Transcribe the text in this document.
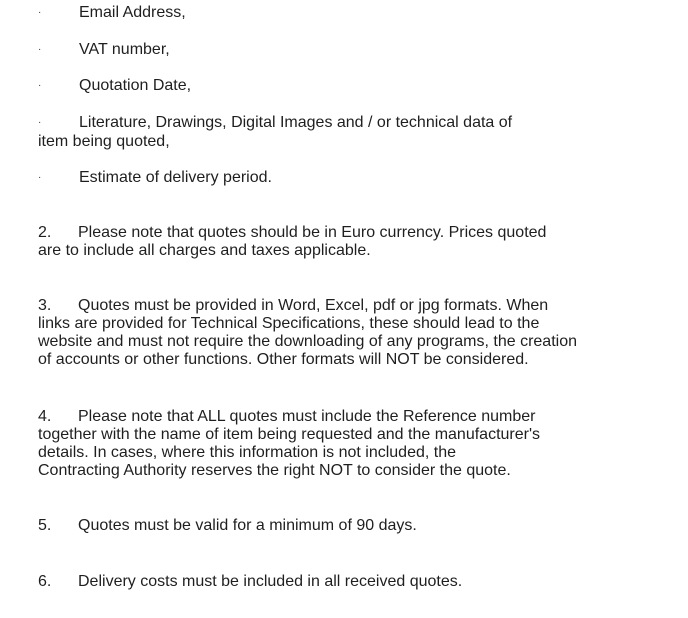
·	Email Address,
·	VAT number,
·	Quotation Date,
·	Literature, Drawings, Digital Images and / or technical data of
item being quoted,
·	Estimate of delivery period.
2. Please note that quotes should be in Euro currency. Prices quoted
are to include all charges and taxes applicable.
3. Quotes must be provided in Word, Excel, pdf or jpg formats. When
links are provided for Technical Specifications, these should lead to the
website and must not require the downloading of any programs, the creation
of accounts or other functions. Other formats will NOT be considered.
4. Please note that ALL quotes must include the Reference number
together with the name of item being requested and the manufacturer's
details. In cases, where this information is not included, the
Contracting Authority reserves the right NOT to consider the quote.
5. Quotes must be valid for a minimum of 90 days.
6. Delivery costs must be included in all received quotes.
